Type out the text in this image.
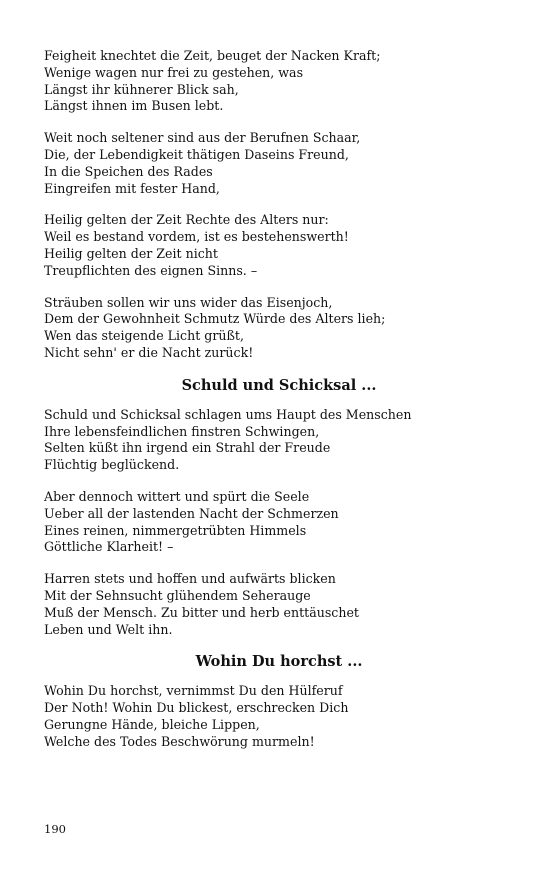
Feigheit knechtet die Zeit, beuget der Nacken Kraft;
Wenige wagen nur frei zu gestehen, was
Längst ihr kühnerer Blick sah,
Längst ihnen im Busen lebt.
Weit noch seltener sind aus der Berufnen Schaar,
Die, der Lebendigkeit thätigen Daseins Freund,
In die Speichen des Rades
Eingreifen mit fester Hand,
Heilig gelten der Zeit Rechte des Alters nur:
Weil es bestand vordem, ist es bestehenswerth!
Heilig gelten der Zeit nicht
Treupflichten des eignen Sinns. –
Sträuben sollen wir uns wider das Eisenjoch,
Dem der Gewohnheit Schmutz Würde des Alters lieh;
Wen das steigende Licht grüßt,
Nicht sehn' er die Nacht zurück!
Schuld und Schicksal ...
Schuld und Schicksal schlagen ums Haupt des Menschen
Ihre lebensfeindlichen finstren Schwingen,
Selten küßt ihn irgend ein Strahl der Freude
Flüchtig beglückend.
Aber dennoch wittert und spürt die Seele
Ueber all der lastenden Nacht der Schmerzen
Eines reinen, nimmergetrübten Himmels
Göttliche Klarheit! –
Harren stets und hoffen und aufwärts blicken
Mit der Sehnsucht glühendem Seherauge
Muß der Mensch. Zu bitter und herb enttäuschet
Leben und Welt ihn.
Wohin Du horchst ...
Wohin Du horchst, vernimmst Du den Hülferuf
Der Noth! Wohin Du blickest, erschrecken Dich
Gerungne Hände, bleiche Lippen,
Welche des Todes Beschwörung murmeln!
190
